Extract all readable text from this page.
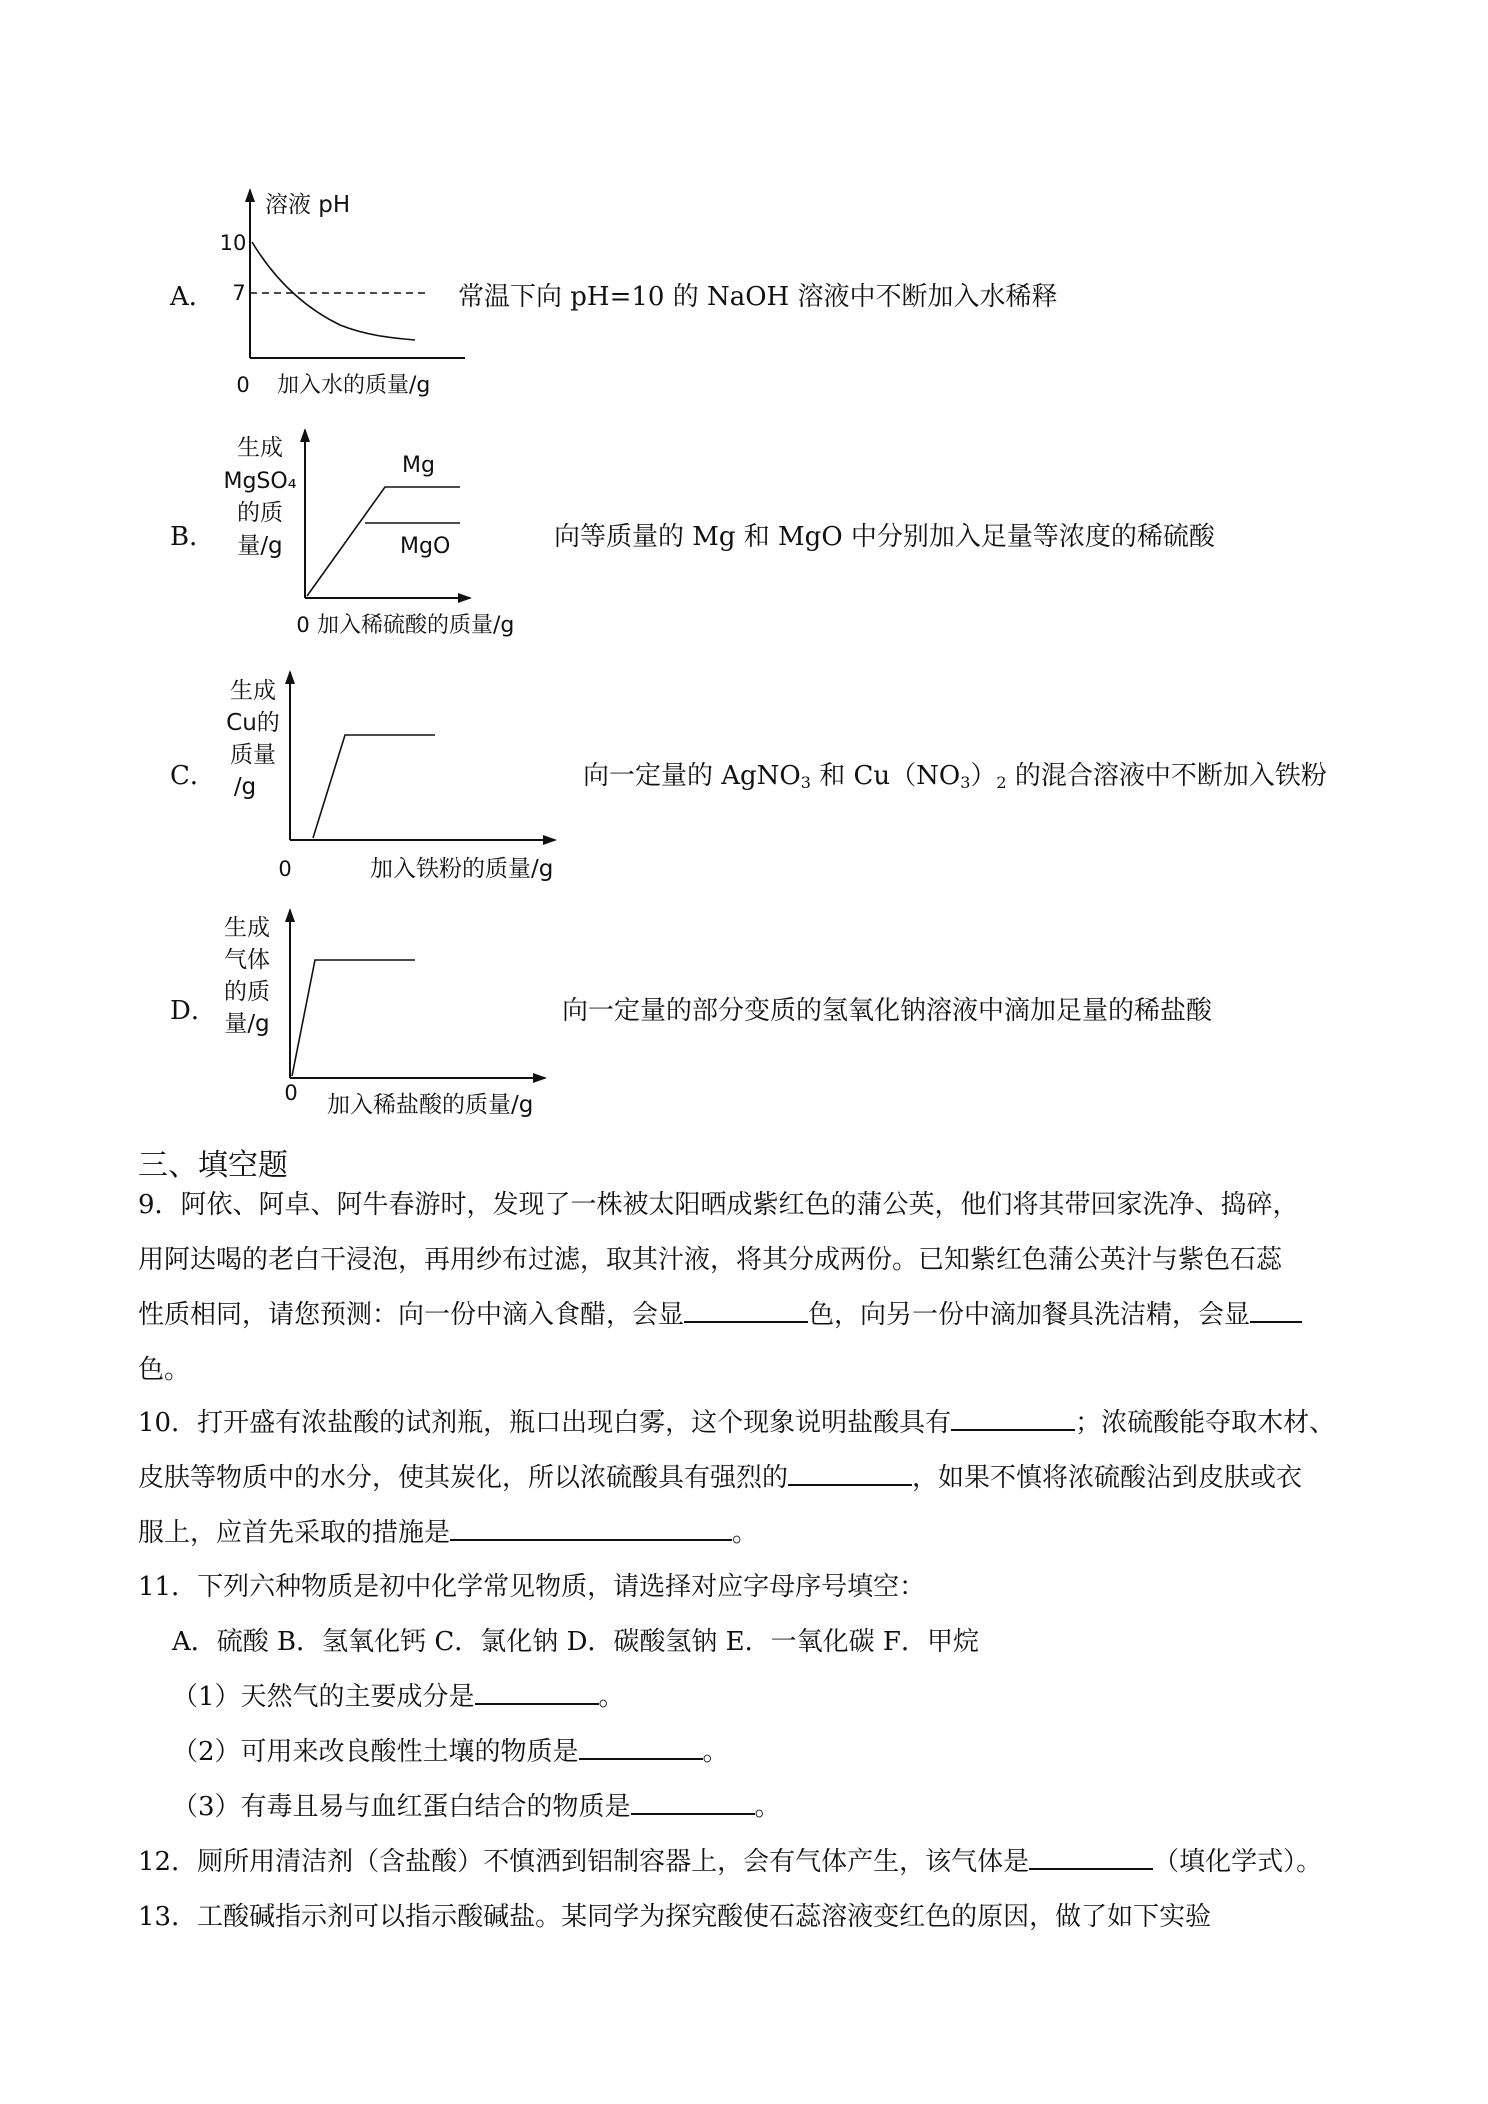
A．
溶液 pH
10
7
0 加入水的质量/g
常温下向 pH=10 的 NaOH 溶液中不断加入水稀释
B．
生成
MgSO₄
的质
量/g
Mg
MgO
0 加入稀硫酸的质量/g
向等质量的 Mg 和 MgO 中分别加入足量等浓度的稀硫酸
C．
生成
Cu的
质量
/g
0	加入铁粉的质量/g
向一定量的 AgNO$_3$ 和 $Cu(NO_3)_2$ 的混合溶液中不断加入铁粉
D．
生成
气体
的质
量/g
0 加入稀盐酸的质量/g
向一定量的部分变质的氢氧化钠溶液中滴加足量的稀盐酸
三、填空题
9．阿依、阿卓、阿牛春游时，发现了一株被太阳晒成紫红色的蒲公英，他们将其带回家洗净、捣碎，
用阿达喝的老白干浸泡，再用纱布过滤，取其汁液，将其分成两份。已知紫红色蒲公英汁与紫色石蕊
性质相同，请您预测：向一份中滴入食醋，会显	色，向另一份中滴加餐具洗洁精，会显
色。
10．打开盛有浓盐酸的试剂瓶，瓶口出现白雾，这个现象说明盐酸具有	；浓硫酸能夺取木材、
皮肤等物质中的水分，使其炭化，所以浓硫酸具有强烈的	，如果不慎将浓硫酸沾到皮肤或衣
服上，应首先采取的措施是	。
11．下列六种物质是初中化学常见物质，请选择对应字母序号填空：
A．硫酸 B．氢氧化钙 C．氯化钠 D．碳酸氢钠 E．一氧化碳 F．甲烷
（1）天然气的主要成分是	。
（2）可用来改良酸性土壤的物质是	。
（3）有毒且易与血红蛋白结合的物质是	。
12．厕所用清洁剂（含盐酸）不慎洒到铝制容器上，会有气体产生，该气体是	（填化学式）。
13．工酸碱指示剂可以指示酸碱盐。某同学为探究酸使石蕊溶液变红色的原因，做了如下实验
